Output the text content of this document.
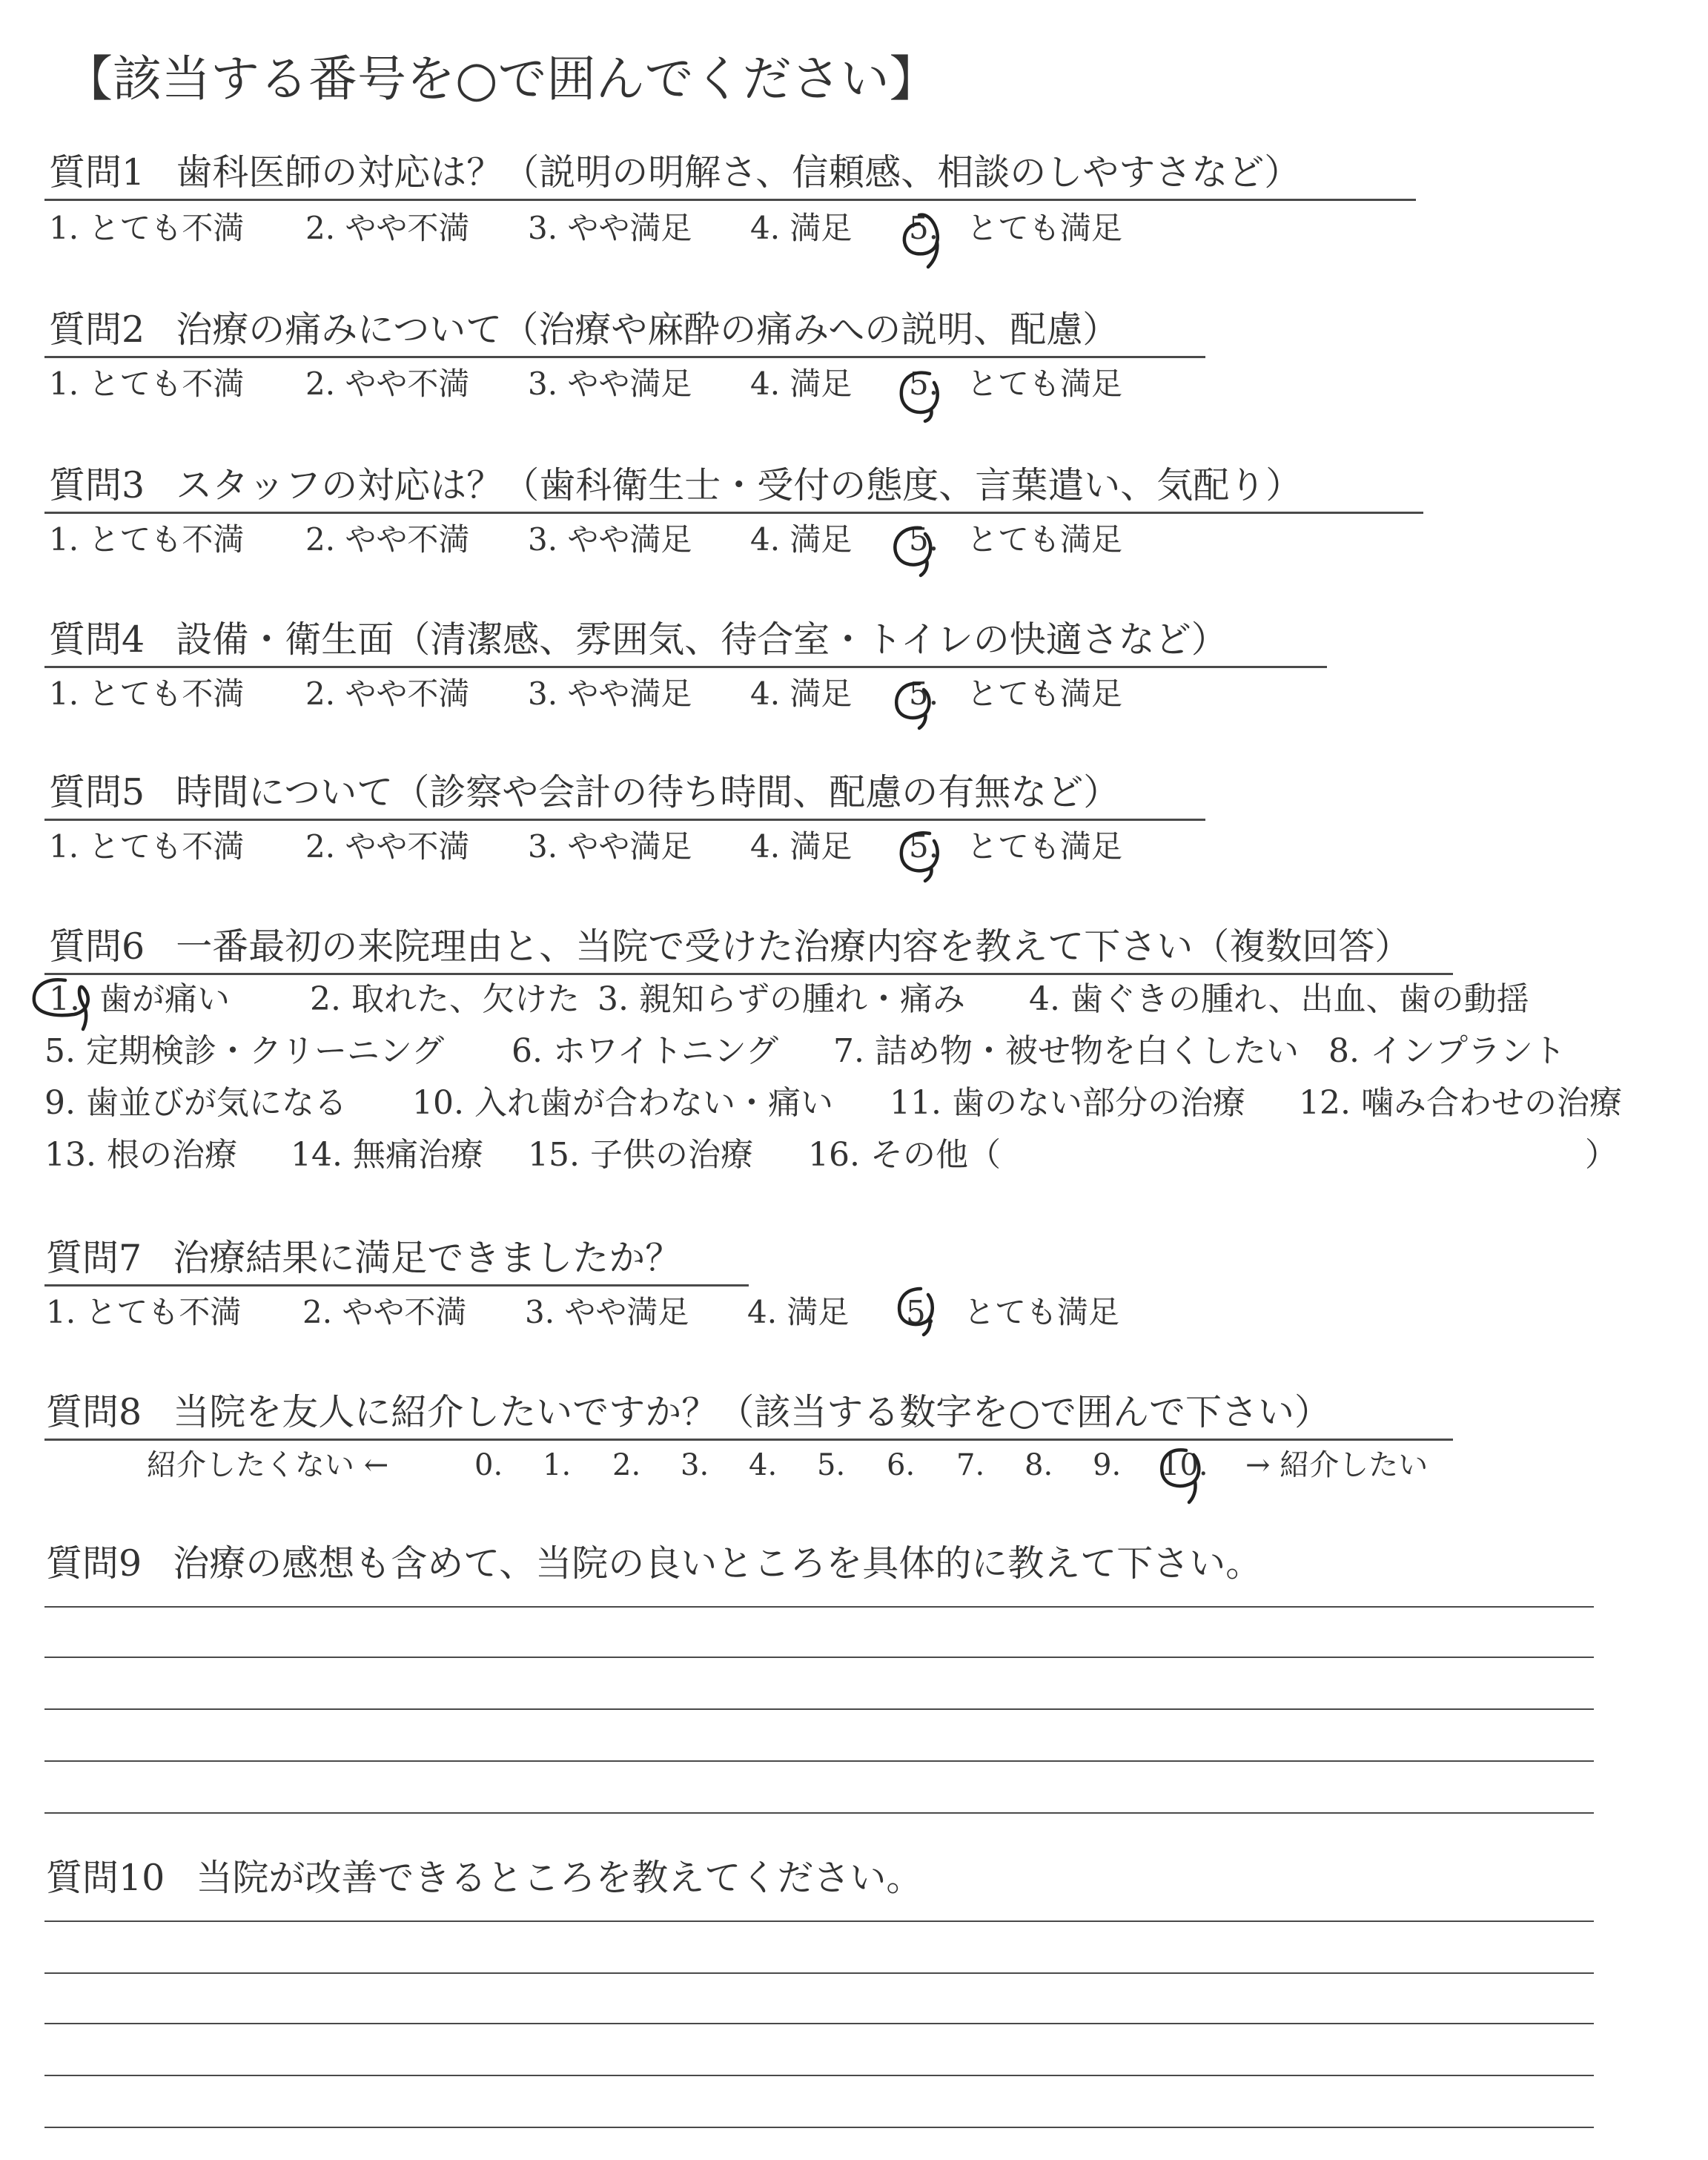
【該当する番号を○で囲んでください】
質問1 歯科医師の対応は？（説明の明解さ、信頼感、相談のしやすさなど）
1. とても不満 2. やや不満 3. やや満足 4. 満足 5. とても満足
質問2 治療の痛みについて（治療や麻酔の痛みへの説明、配慮）
1. とても不満 2. やや不満 3. やや満足 4. 満足 5. とても満足
質問3 スタッフの対応は？（歯科衛生士・受付の態度、言葉遣い、気配り）
1. とても不満 2. やや不満 3. やや満足 4. 満足 5. とても満足
質問4 設備・衛生面（清潔感、雰囲気、待合室・トイレの快適さなど）
1. とても不満 2. やや不満 3. やや満足 4. 満足 5. とても満足
質問5 時間について（診察や会計の待ち時間、配慮の有無など）
1. とても不満 2. やや不満 3. やや満足 4. 満足 5. とても満足
質問6 一番最初の来院理由と、当院で受けた治療内容を教えて下さい（複数回答）
1. 歯が痛い 2. 取れた、欠けた 3. 親知らずの腫れ・痛み 4. 歯ぐきの腫れ、出血、歯の動揺
5. 定期検診・クリーニング 6. ホワイトニング 7. 詰め物・被せ物を白くしたい 8. インプラント
9. 歯並びが気になる 10. 入れ歯が合わない・痛い 11. 歯のない部分の治療 12. 噛み合わせの治療
13. 根の治療 14. 無痛治療 15. 子供の治療 16. その他（	）
質問7 治療結果に満足できましたか？
1. とても不満 2. やや不満 3. やや満足 4. 満足 5. とても満足
質問8 当院を友人に紹介したいですか？（該当する数字を○で囲んで下さい）
紹介したくない ←	0. 1. 2. 3. 4. 5. 6. 7. 8. 9. 10. → 紹介したい
質問9 治療の感想も含めて、当院の良いところを具体的に教えて下さい。
質問10 当院が改善できるところを教えてください。
